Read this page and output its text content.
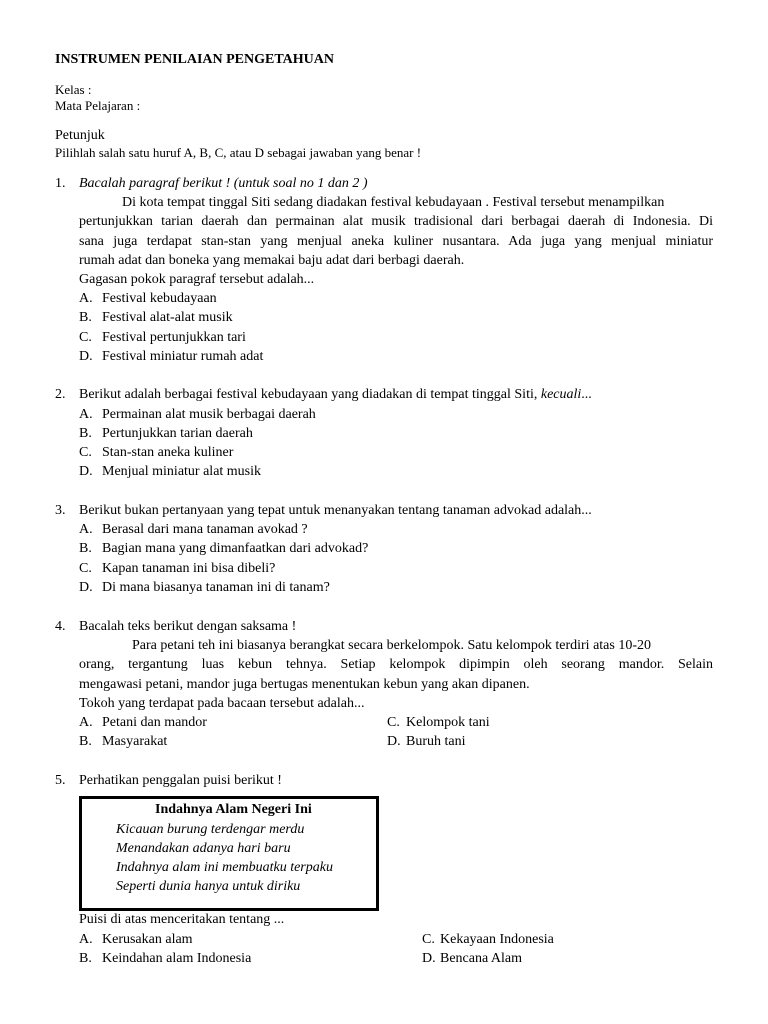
INSTRUMEN PENILAIAN PENGETAHUAN
Kelas :
Mata Pelajaran :
Petunjuk
Pilihlah salah satu huruf A, B, C, atau D sebagai jawaban yang benar !
1. Bacalah paragraf berikut ! (untuk soal no 1 dan 2 )
Di kota tempat tinggal Siti sedang diadakan festival kebudayaan . Festival tersebut menampilkan
pertunjukkan tarian daerah dan permainan alat musik tradisional dari berbagai daerah di Indonesia. Di
sana juga terdapat stan-stan yang menjual aneka kuliner nusantara. Ada juga yang menjual miniatur
rumah adat dan boneka yang memakai baju adat dari berbagi daerah.
Gagasan pokok paragraf tersebut adalah...
A. Festival kebudayaan
B. Festival alat-alat musik
C. Festival pertunjukkan tari
D. Festival miniatur rumah adat
2. Berikut adalah berbagai festival kebudayaan yang diadakan di tempat tinggal Siti, kecuali...
A. Permainan alat musik berbagai daerah
B. Pertunjukkan tarian daerah
C. Stan-stan aneka kuliner
D. Menjual miniatur alat musik
3. Berikut bukan pertanyaan yang tepat untuk menanyakan tentang tanaman advokad adalah...
A. Berasal dari mana tanaman avokad ?
B. Bagian mana yang dimanfaatkan dari advokad?
C. Kapan tanaman ini bisa dibeli?
D. Di mana biasanya tanaman ini di tanam?
4. Bacalah teks berikut dengan saksama !
Para petani teh ini biasanya berangkat secara berkelompok. Satu kelompok terdiri atas 10-20
orang, tergantung luas kebun tehnya. Setiap kelompok dipimpin oleh seorang mandor. Selain
mengawasi petani, mandor juga bertugas menentukan kebun yang akan dipanen.
Tokoh yang terdapat pada bacaan tersebut adalah...
A. Petani dan mandor	C. Kelompok tani
B. Masyarakat	D. Buruh tani
5. Perhatikan penggalan puisi berikut !
Indahnya Alam Negeri Ini
Kicauan burung terdengar merdu
Menandakan adanya hari baru
Indahnya alam ini membuatku terpaku
Seperti dunia hanya untuk diriku
Puisi di atas menceritakan tentang ...
A. Kerusakan alam	C. Kekayaan Indonesia
B. Keindahan alam Indonesia	D. Bencana Alam
